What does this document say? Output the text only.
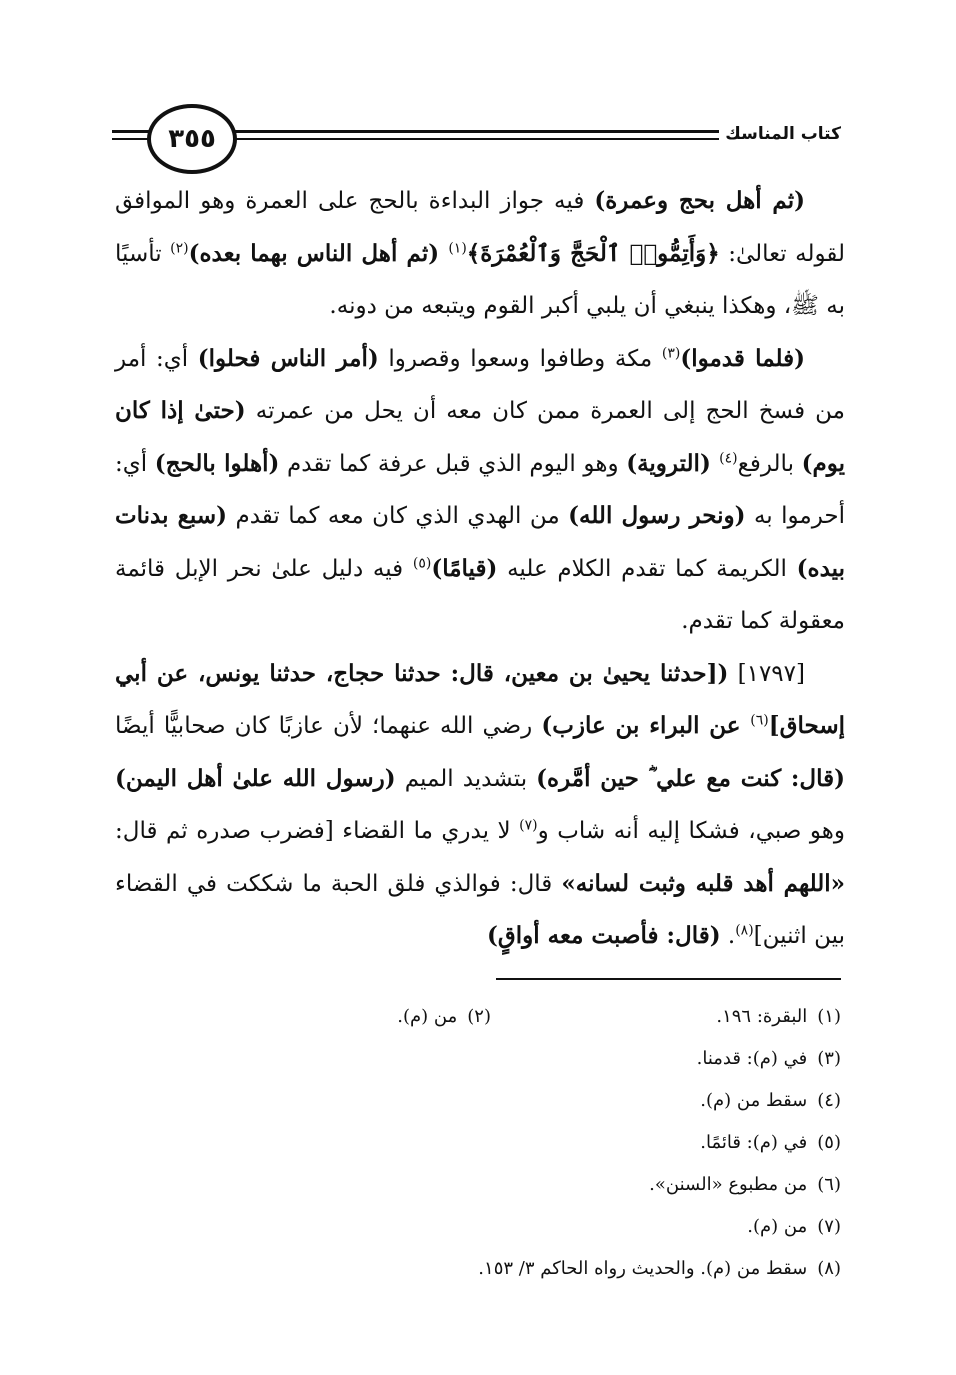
٣٥٥	كتاب المناسك

(ثم أهل بحج وعمرة) فيه جواز البداءة بالحج على العمرة وهو الموافق لقوله تعالىٰ: ﴿وَأَتِمُّوا۟ ٱلْحَجَّ وَٱلْعُمْرَةَ﴾$^{(١)}$ (ثم أهل الناس بهما بعده)$^{(٢)}$ تأسيًا به ﷺ، وهكذا ينبغي أن يلبي أكبر القوم ويتبعه من دونه.

(فلما قدموا)$^{(٣)}$ مكة وطافوا وسعوا وقصروا (أمر الناس فحلوا) أي: أمر من فسخ الحج إلى العمرة ممن كان معه أن يحل من عمرته (حتىٰ إذا كان يوم) بالرفع$^{(٤)}$ (التروية) وهو اليوم الذي قبل عرفة كما تقدم (أهلوا بالحج) أي: أحرموا به (ونحر رسول الله) من الهدي الذي كان معه كما تقدم (سبع بدنات بيده) الكريمة كما تقدم الكلام عليه (قيامًا)$^{(٥)}$ فيه دليل علىٰ نحر الإبل قائمة معقولة كما تقدم.

[١٧٩٧] ([حدثنا يحيىٰ بن معين، قال: حدثنا حجاج، حدثنا يونس، عن أبي إسحاق]$^{(٦)}$ عن البراء بن عازب) رضي الله عنهما؛ لأن عازبًا كان صحابيًّا أيضًا (قال: كنت مع علي ؓ حين أمَّره) بتشديد الميم (رسول الله علىٰ أهل اليمن) وهو صبي، فشكا إليه أنه شاب و$^{(٧)}$ لا يدري ما القضاء [فضرب صدره ثم قال: «اللهم أهد قلبه وثبت لسانه» قال: فوالذي فلق الحبة ما شككت في القضاء بين اثنين]$^{(٨)}$. (قال: فأصبت معه أواقٍ)

(١)
البقرة: ١٩٦.
(٢)
من (م).
(٣)
في (م): قدمنا.
(٤)
سقط من (م).
(٥)
في (م): قائمًا.
(٦)
من مطبوع «السنن».
(٧)
من (م).
(٨)
سقط من (م). والحديث رواه الحاكم ٣/ ١٥٣.
